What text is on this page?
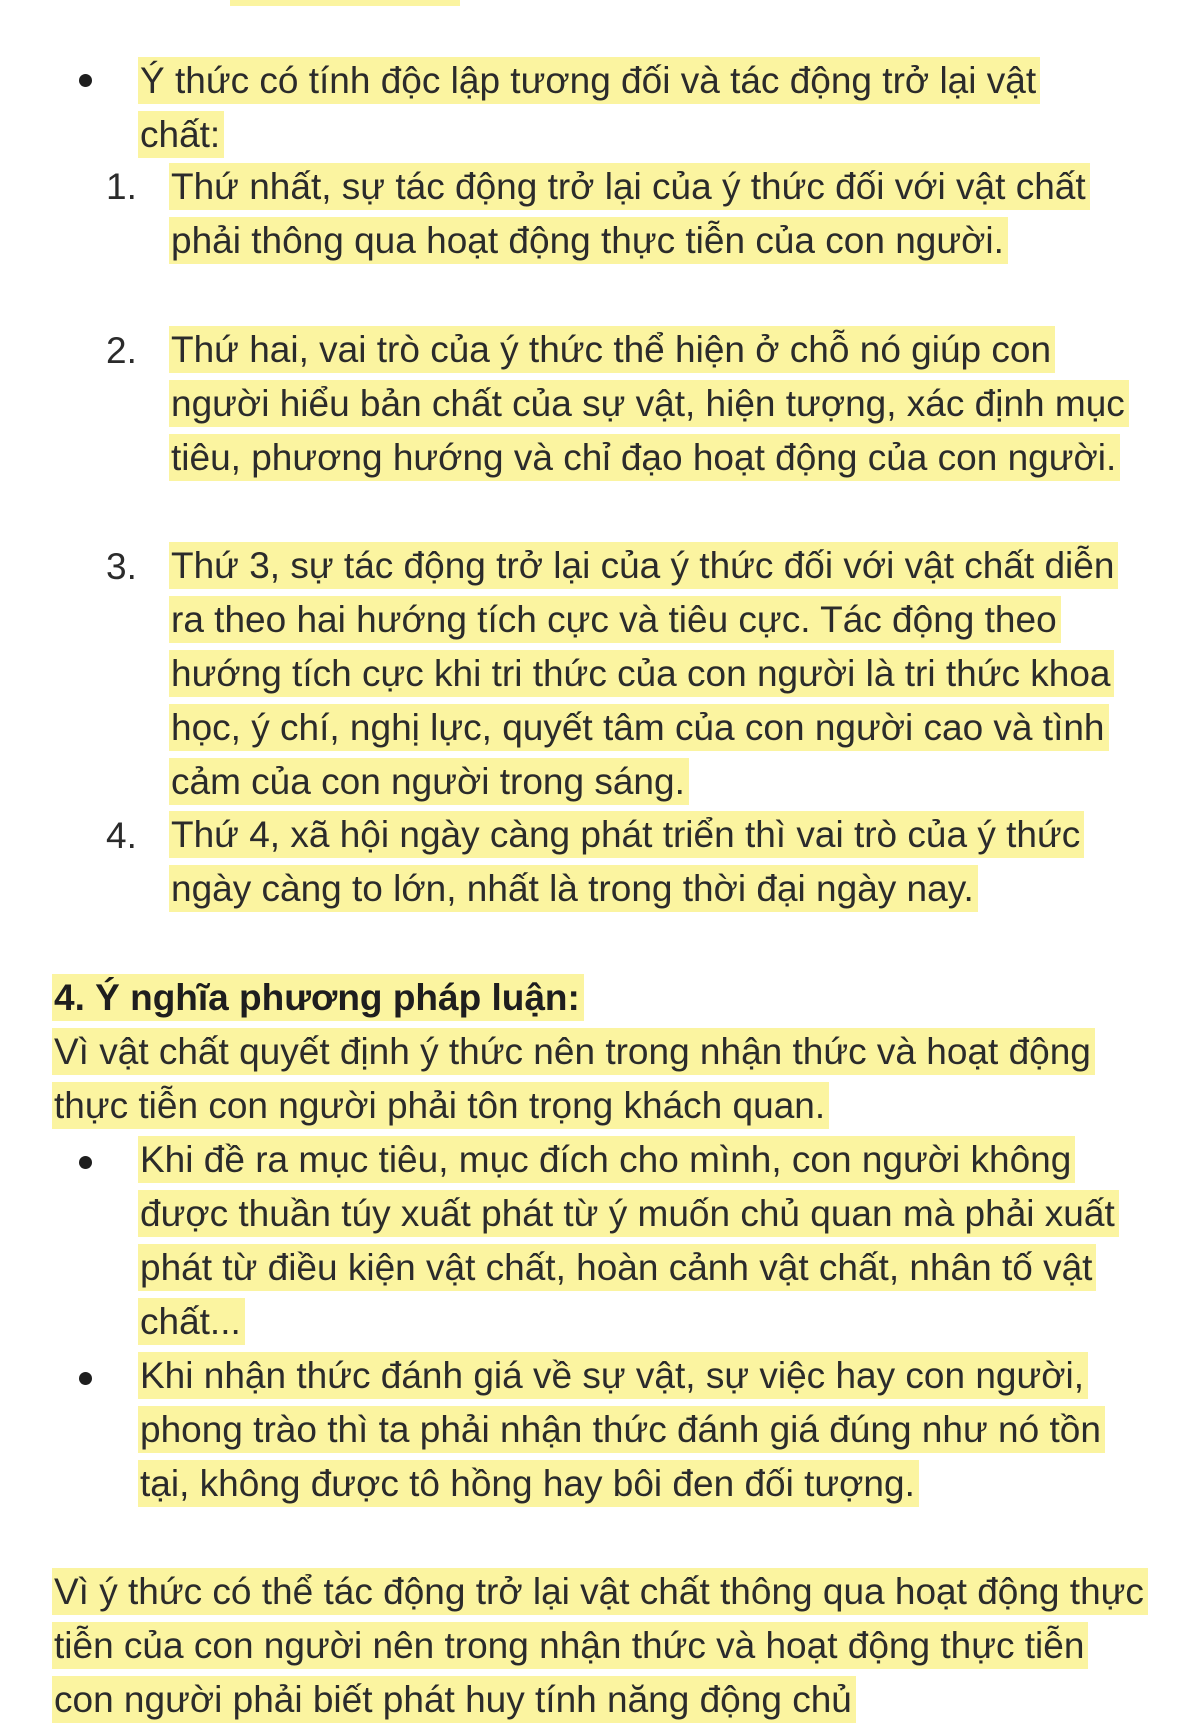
Ý thức có tính độc lập tương đối và tác động trở lại vật chất:

1. Thứ nhất, sự tác động trở lại của ý thức đối với vật chất phải thông qua hoạt động thực tiễn của con người.

2. Thứ hai, vai trò của ý thức thể hiện ở chỗ nó giúp con người hiểu bản chất của sự vật, hiện tượng, xác định mục tiêu, phương hướng và chỉ đạo hoạt động của con người.

3. Thứ 3, sự tác động trở lại của ý thức đối với vật chất diễn ra theo hai hướng tích cực và tiêu cực. Tác động theo hướng tích cực khi tri thức của con người là tri thức khoa học, ý chí, nghị lực, quyết tâm của con người cao và tình cảm của con người trong sáng.

4. Thứ 4, xã hội ngày càng phát triển thì vai trò của ý thức ngày càng to lớn, nhất là trong thời đại ngày nay.

4. Ý nghĩa phương pháp luận:

Vì vật chất quyết định ý thức nên trong nhận thức và hoạt động thực tiễn con người phải tôn trọng khách quan.

Khi đề ra mục tiêu, mục đích cho mình, con người không được thuần túy xuất phát từ ý muốn chủ quan mà phải xuất phát từ điều kiện vật chất, hoàn cảnh vật chất, nhân tố vật chất...

Khi nhận thức đánh giá về sự vật, sự việc hay con người, phong trào thì ta phải nhận thức đánh giá đúng như nó tồn tại, không được tô hồng hay bôi đen đối tượng.

Vì ý thức có thể tác động trở lại vật chất thông qua hoạt động thực tiễn của con người nên trong nhận thức và hoạt động thực tiễn con người phải biết phát huy tính năng động chủ
